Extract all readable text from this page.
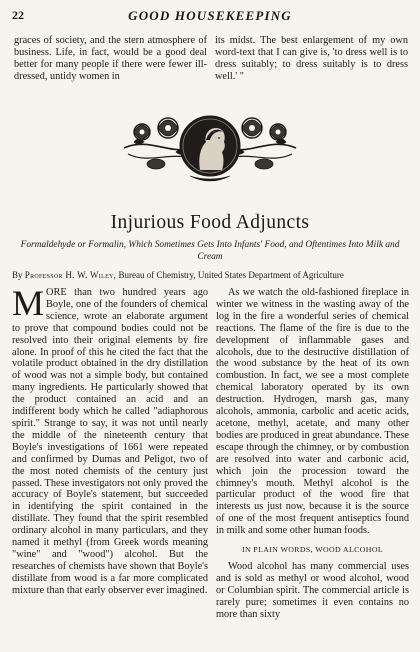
22	GOOD HOUSEKEEPING

graces of society, and the stern atmosphere of business. Life, in fact, would be a good deal better for many people if there were fewer ill-dressed, untidy women in

its midst. The best enlargement of my own word-text that I can give is, 'to dress well is to dress suitably; to dress suitably is to dress well.' "

Injurious Food Adjuncts
Formaldehyde or Formalin, Which Sometimes Gets Into Infants' Food, and Oftentimes Into Milk and Cream
By Professor H. W. Wiley, Bureau of Chemistry, United States Department of Agriculture
M ORE than two hundred years ago Boyle, one of the founders of chemical science, wrote an elaborate argument to prove that compound bodies could not be resolved into their original elements by fire alone. In proof of this he cited the fact that the volatile product obtained in the dry distillation of wood was not a simple body, but contained many ingredients. He particularly showed that the product contained an acid and an indifferent body which he called "adiaphorous spirit." Strange to say, it was not until nearly the middle of the nineteenth century that Boyle's investigations of 1661 were repeated and confirmed by Dumas and Peligot, two of the most noted chemists of the century just passed. These investigators not only proved the accuracy of Boyle's statement, but succeeded in identifying the spirit contained in the distillate. They found that the spirit resembled ordinary alcohol in many particulars, and they named it methyl (from Greek words meaning "wine" and "wood") alcohol. But the researches of chemists have shown that Boyle's distillate from wood is a far more complicated mixture than that early observer ever imagined.

As we watch the old-fashioned fireplace in winter we witness in the wasting away of the log in the fire a wonderful series of chemical reactions. The flame of the fire is due to the development of inflammable gases and alcohols, due to the destructive distillation of the wood substance by the heat of its own combustion. In fact, we see a most complete chemical laboratory operated by its own destruction. Hydrogen, marsh gas, many alcohols, ammonia, carbolic and acetic acids, acetone, methyl, acetate, and many other bodies are produced in great abundance. These escape through the chimney, or by combustion are resolved into water and carbonic acid, which join the procession toward the chimney's mouth. Methyl alcohol is the particular product of the wood fire that interests us just now, because it is the source of one of the most frequent antiseptics found in milk and some other human foods.

IN PLAIN WORDS, WOOD ALCOHOL

Wood alcohol has many commercial uses and is sold as methyl or wood alcohol, wood or Columbian spirit. The commercial article is rarely pure; sometimes it even contains no more than sixty
